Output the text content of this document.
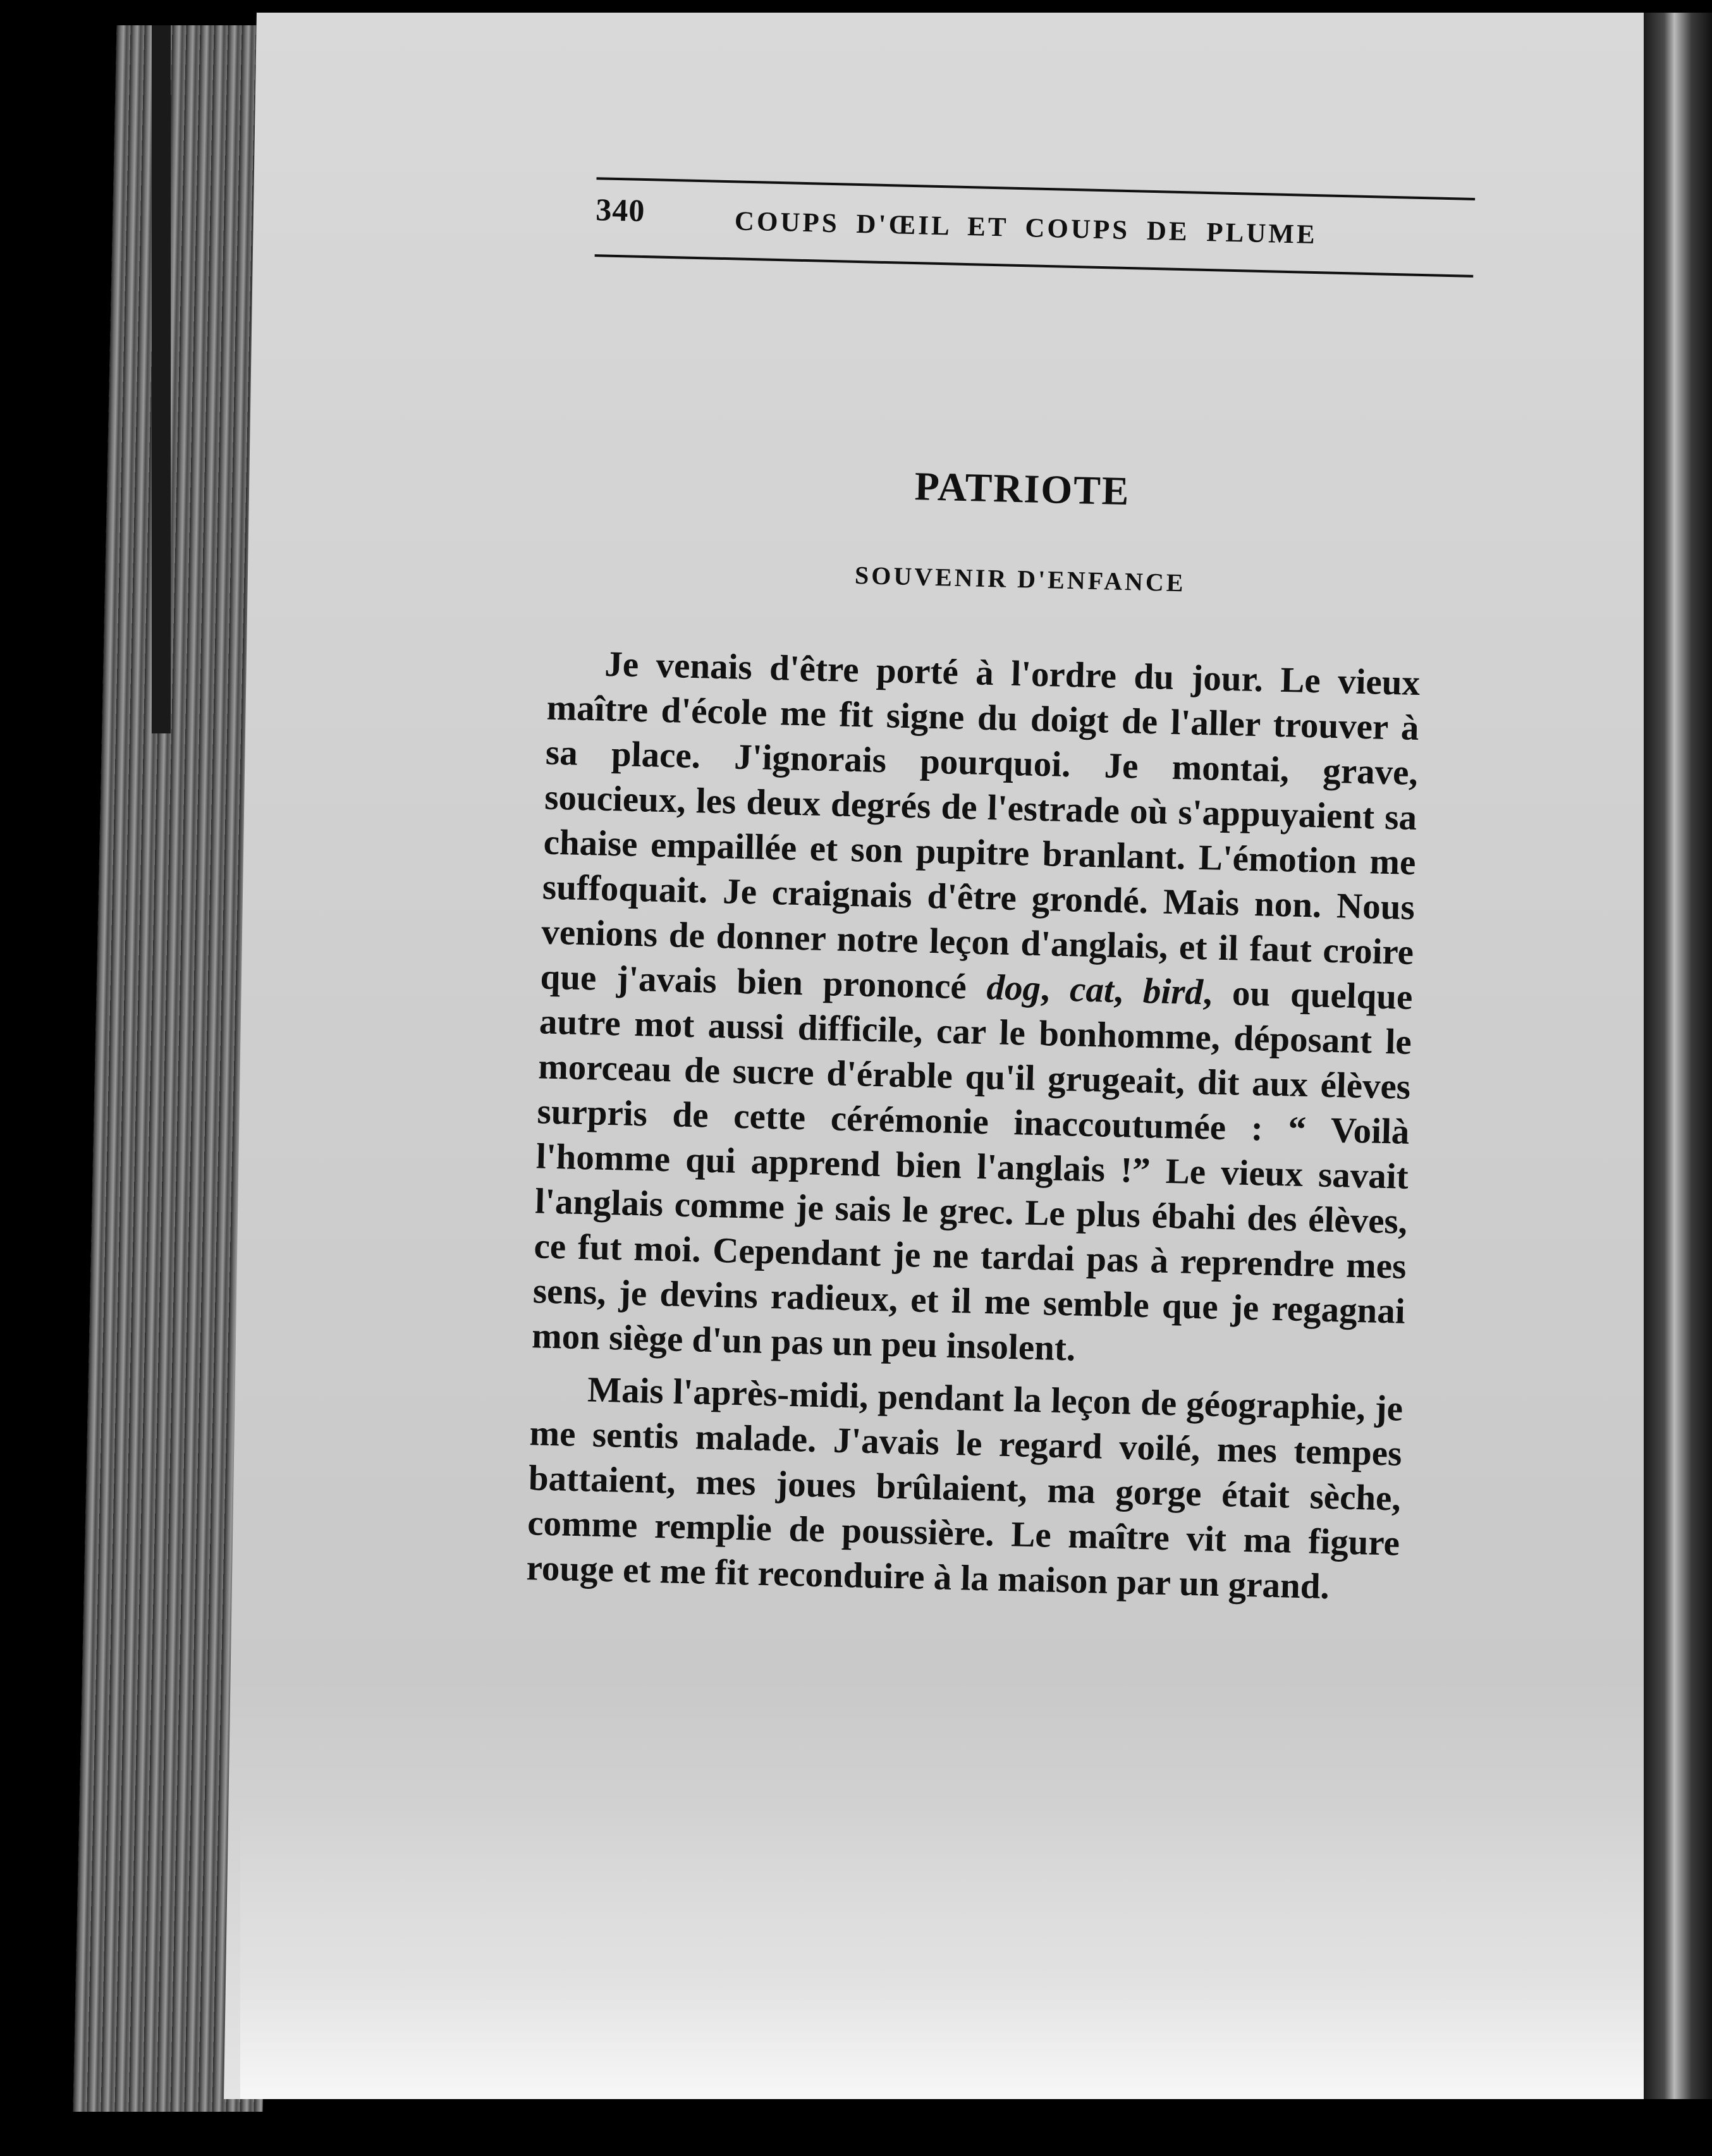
340	COUPS D'ŒIL ET COUPS DE PLUME
PATRIOTE
SOUVENIR D'ENFANCE

Je venais d'être porté à l'ordre du jour. Le vieux maître d'école me fit signe du doigt de l'aller trouver à sa place. J'ignorais pourquoi. Je montai, grave, soucieux, les deux degrés de l'estrade où s'appuyaient sa chaise empaillée et son pupitre branlant. L'émotion me suffoquait. Je craignais d'être grondé. Mais non. Nous venions de donner notre leçon d'anglais, et il faut croire que j'avais bien prononcé dog, cat, bird, ou quelque autre mot aussi difficile, car le bonhomme, déposant le morceau de sucre d'érable qu'il grugeait, dit aux élèves surpris de cette cérémonie inaccoutumée : “ Voilà l'homme qui apprend bien l'anglais !” Le vieux savait l'anglais comme je sais le grec. Le plus ébahi des élèves, ce fut moi. Cependant je ne tardai pas à reprendre mes sens, je devins radieux, et il me semble que je regagnai mon siège d'un pas un peu insolent.

Mais l'après-midi, pendant la leçon de géographie, je me sentis malade. J'avais le regard voilé, mes tempes battaient, mes joues brûlaient, ma gorge était sèche, comme remplie de poussière. Le maître vit ma figure rouge et me fit reconduire à la maison par un grand.
